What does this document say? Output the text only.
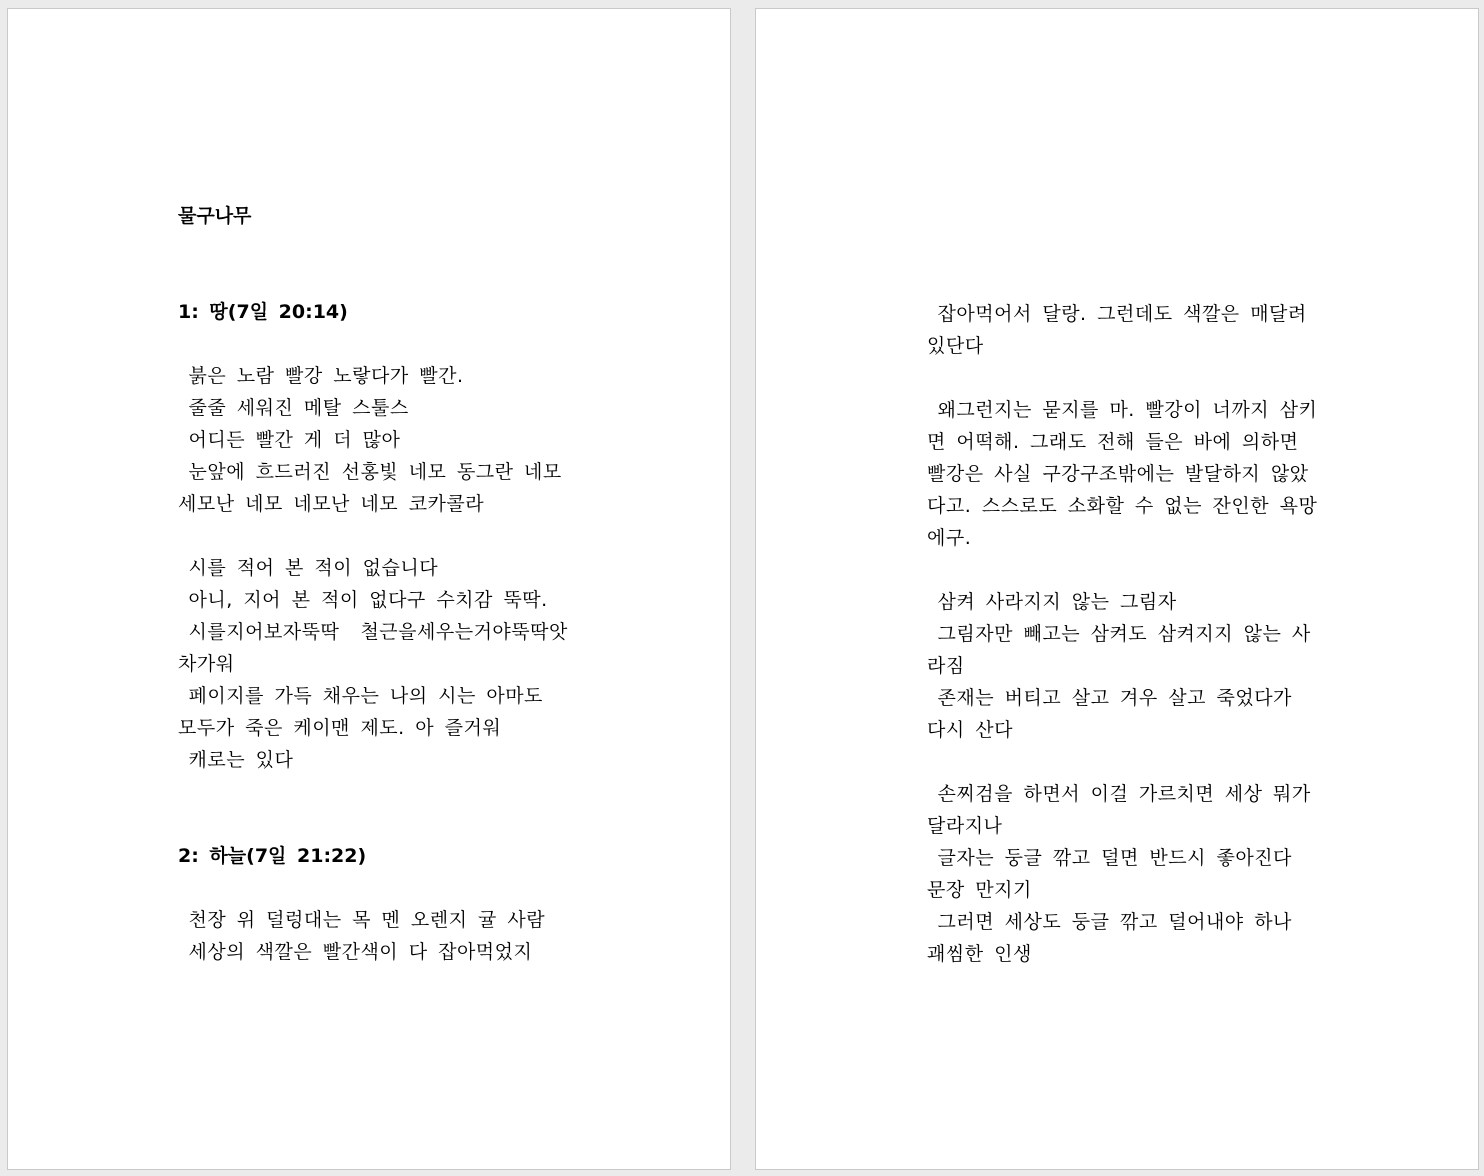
물구나무
1: 땅(7일 20:14)
붉은 노람 빨강 노랗다가 빨간.
줄줄 세워진 메탈 스툴스
어디든 빨간 게 더 많아
눈앞에 흐드러진 선홍빛 네모 동그란 네모
세모난 네모 네모난 네모 코카콜라
시를 적어 본 적이 없습니다
아니, 지어 본 적이 없다구 수치감 뚝딱.
시를지어보자뚝딱  철근을세우는거야뚝딱앗
차가워
페이지를 가득 채우는 나의 시는 아마도
모두가 죽은 케이맨 제도. 아 즐거워
캐로는 있다
2: 하늘(7일 21:22)
천장 위 덜렁대는 목 멘 오렌지 귤 사람
세상의 색깔은 빨간색이 다 잡아먹었지
잡아먹어서 달랑. 그런데도 색깔은 매달려
있단다
왜그런지는 묻지를 마. 빨강이 너까지 삼키
면 어떡해. 그래도 전해 들은 바에 의하면
빨강은 사실 구강구조밖에는 발달하지 않았
다고. 스스로도 소화할 수 없는 잔인한 욕망
에구.
삼켜 사라지지 않는 그림자
그림자만 빼고는 삼켜도 삼켜지지 않는 사
라짐
존재는 버티고 살고 겨우 살고 죽었다가
다시 산다
손찌검을 하면서 이걸 가르치면 세상 뭐가
달라지나
글자는 둥글 깎고 덜면 반드시 좋아진다
문장 만지기
그러면 세상도 둥글 깎고 덜어내야 하나
괘씸한 인생
